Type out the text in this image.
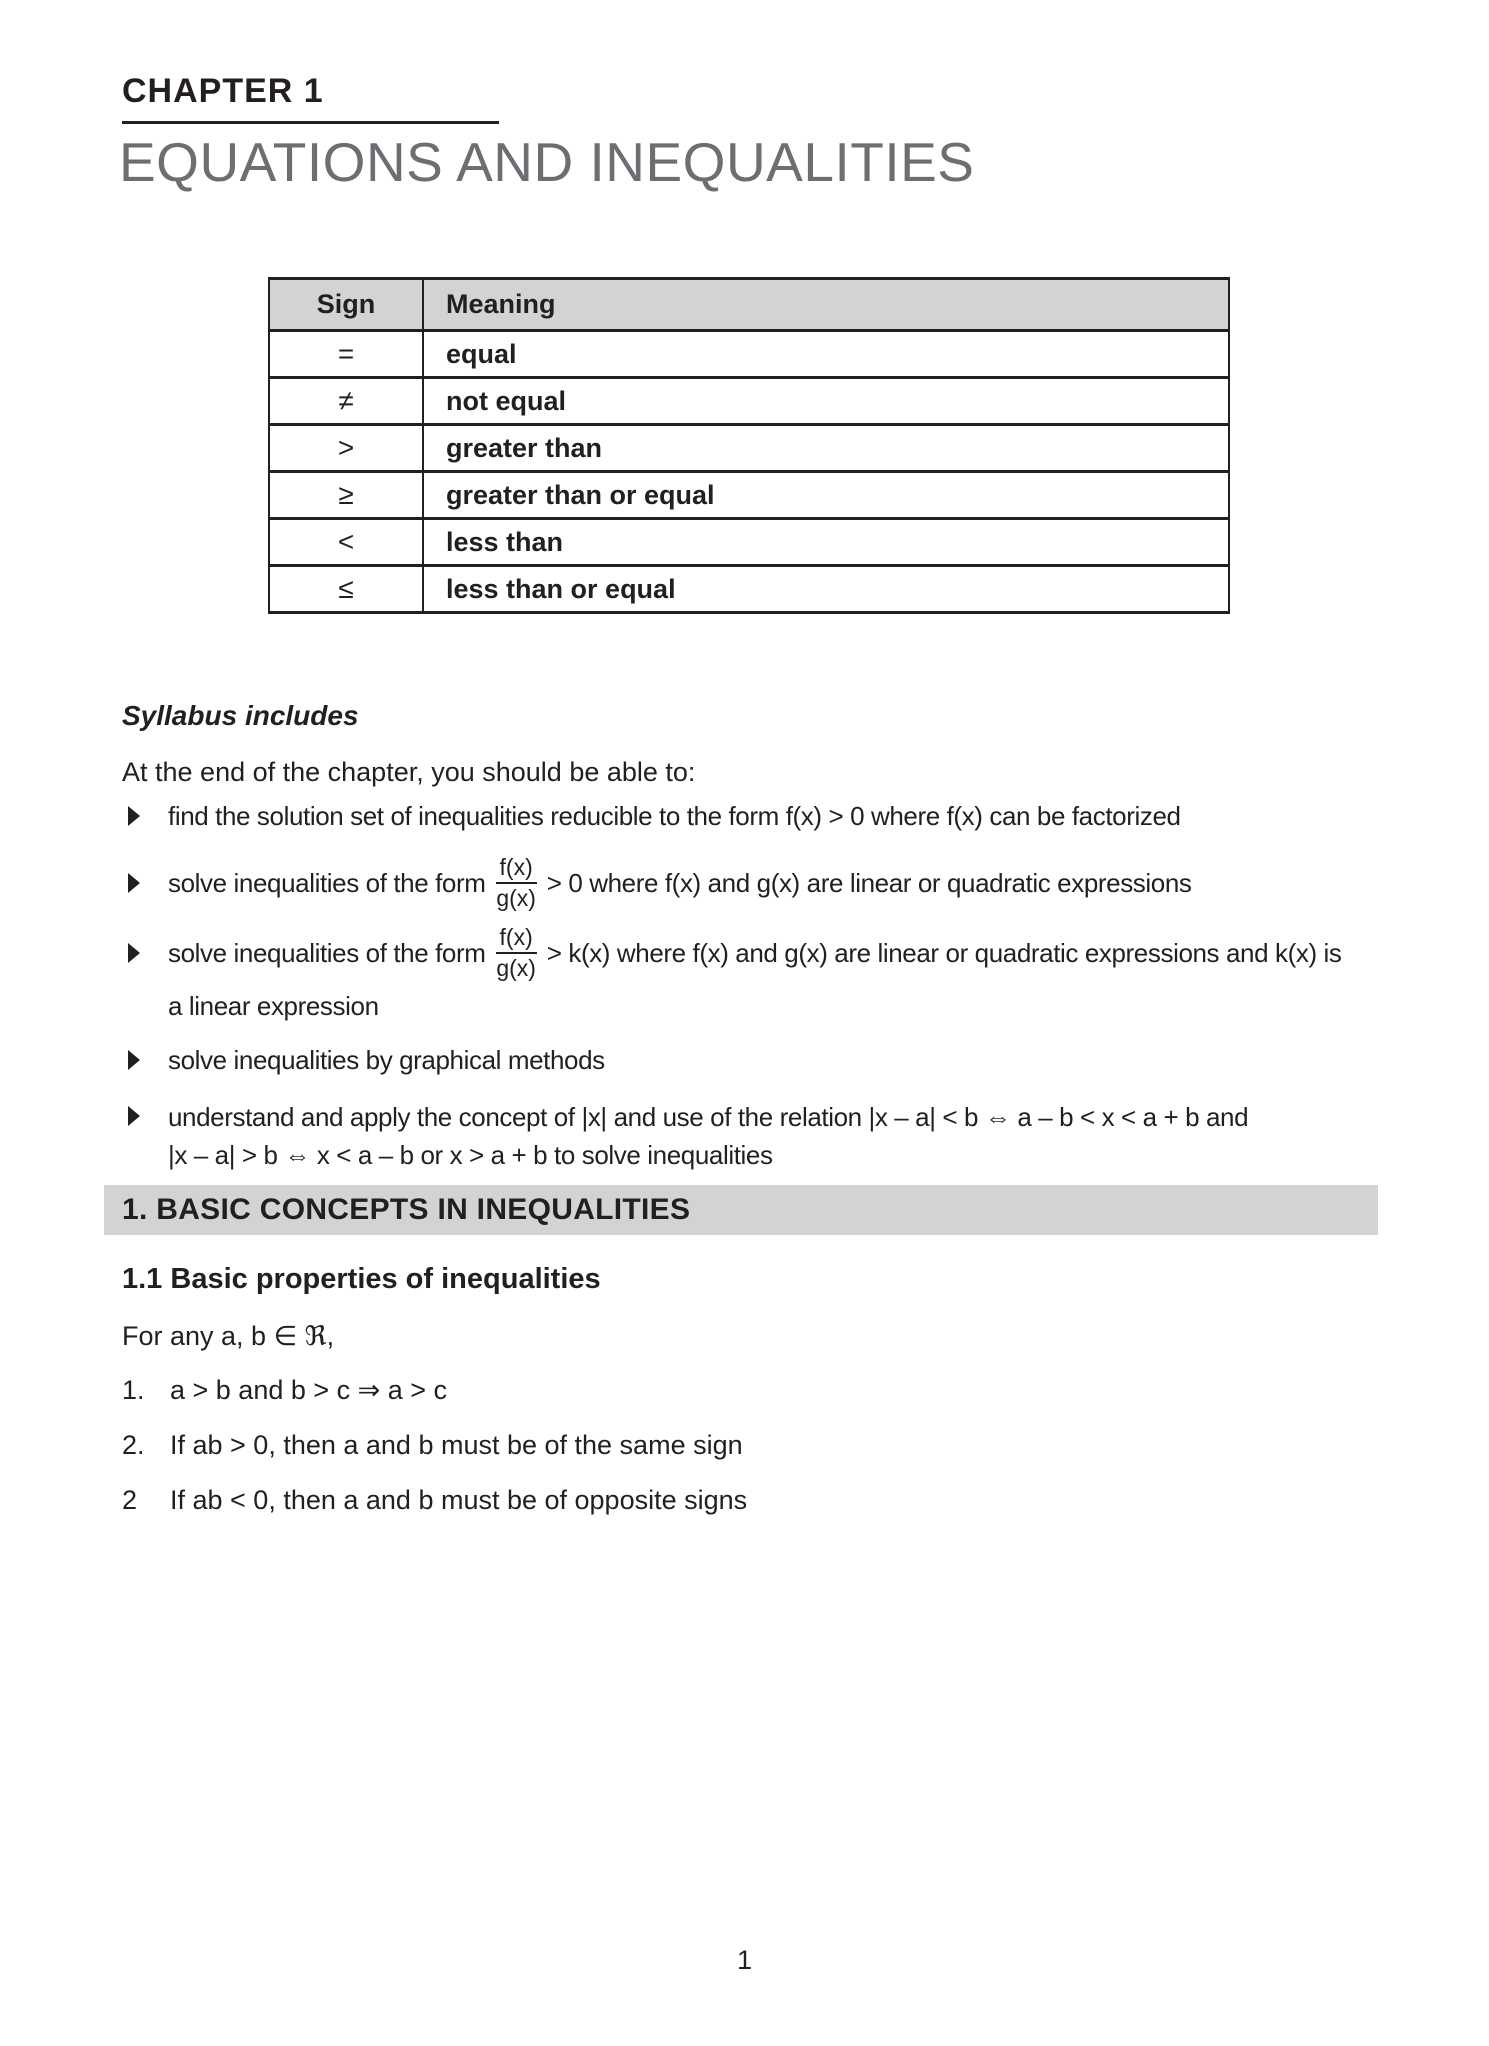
CHAPTER 1
EQUATIONS AND INEQUALITIES
Sign	Meaning
=	equal
≠	not equal
>	greater than
≥	greater than or equal
<	less than
≤	less than or equal
Syllabus includes

At the end of the chapter, you should be able to:

find the solution set of inequalities reducible to the form f(x) > 0 where f(x) can be factorized
solve inequalities of the form $\frac{f(x)}{g(x)} > 0$ where f(x) and g(x) are linear or quadratic expressions
solve inequalities of the form $\frac{f(x)}{g(x)} > k(x)$ where f(x) and g(x) are linear or quadratic expressions and k(x) is
a linear expression
solve inequalities by graphical methods
understand and apply the concept of |x| and use of the relation |x – a| < b ⇔ a – b < x < a + b and
|x – a| > b ⇔ x < a – b or x > a + b to solve inequalities
1. BASIC CONCEPTS IN INEQUALITIES
1.1 Basic properties of inequalities

For any a, b ∈ ℜ,

1. a > b and b > c ⇒ a > c
2. If ab > 0, then a and b must be of the same sign
2	If ab < 0, then a and b must be of opposite signs
1
